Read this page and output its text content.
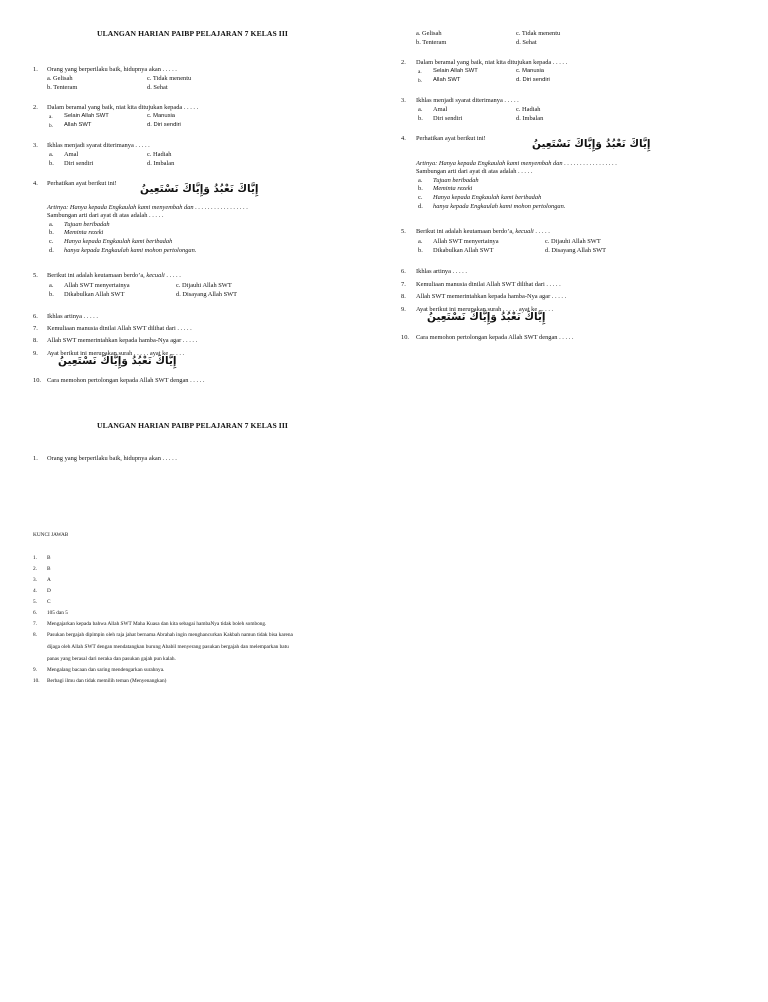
ULANGAN HARIAN PAIBP PELAJARAN 7 KELAS III
1.	Orang yang berperilaku baik, hidupnya akan . . . . .
a. Gelisah	c. Tidak menentu
b. Tenteram	d. Sehat
2.	Dalam beramal yang baik, niat kita ditujukan kepada . . . . .
a. Selain Allah SWT	c. Manusia
b. Allah SWT	d. Diri sendiri
3.	Ikhlas menjadi syarat diterimanya . . . . .
a. Amal	c. Hadiah
b. Diri sendiri	d. Imbalan
4.	Perhatikan ayat berikut ini! إِيَّاكَ نَعْبُدُ وَإِيَّاكَ نَسْتَعِينُ
Artinya: Hanya kepada Engkaulah kami menyembah dan . . . . . . . . . . . . . . . . .
Sambungan arti dari ayat di atas adalah . . . . .
a. Tujuan beribadah
b. Meminta rezeki
c. Hanya kepada Engkaulah kami beribadah
d. hanya kepada Engkaulah kami mohon pertolongan.
5.	Berikut ini adalah keutamaan berdo’a, kecuali . . . . .
a. Allah SWT menyertainya	c. Dijauhi Allah SWT
b. Dikabulkan Allah SWT	d. Disayang Allah SWT
6.	Ikhlas artinya . . . . .
7.	Kemuliaan manusia dinilai Allah SWT dilihat dari . . . . .
8.	Allah SWT memerintahkan kepada hamba-Nya agar . . . . .
9.	Ayat berikut ini merupakan surah . . . . . ayat ke . . . . .
إِيَّاكَ نَعْبُدُ وَإِيَّاكَ نَسْتَعِينُ
10. Cara memohon pertolongan kepada Allah SWT dengan . . . . .
a. Gelisah	c. Tidak menentu
b. Tenteram	d. Sehat
2.	Dalam beramal yang baik, niat kita ditujukan kepada . . . . .
a. Selain Allah SWT	c. Manusia
b. Allah SWT	d. Diri sendiri
3.	Ikhlas menjadi syarat diterimanya . . . . .
a. Amal	c. Hadiah
b. Diri sendiri	d. Imbalan
4.	Perhatikan ayat berikut ini!	إِيَّاكَ نَعْبُدُ وَإِيَّاكَ نَسْتَعِينُ
Artinya: Hanya kepada Engkaulah kami menyembah dan . . . . . . . . . . . . . . . . .
Sambungan arti dari ayat di atas adalah . . . . .
a. Tujuan beribadah
b. Meminta rezeki
c. Hanya kepada Engkaulah kami beribadah
d. hanya kepada Engkaulah kami mohon pertolongan.
5.	Berikut ini adalah keutamaan berdo’a, kecuali . . . . .
a. Allah SWT menyertainya	c. Dijauhi Allah SWT
b. Dikabulkan Allah SWT	d. Disayang Allah SWT
6.	Ikhlas artinya . . . . .
7.	Kemuliaan manusia dinilai Allah SWT dilihat dari . . . . .
8.	Allah SWT memerintahkan kepada hamba-Nya agar . . . . .
9.	Ayat berikut ini merupakan surah . . . . . ayat ke . . . . .
إِيَّاكَ نَعْبُدُ وَإِيَّاكَ نَسْتَعِينُ
10.	Cara memohon pertolongan kepada Allah SWT dengan . . . . .
ULANGAN HARIAN PAIBP PELAJARAN 7 KELAS III
1.	Orang yang berperilaku baik, hidupnya akan . . . . .
KUNCI JAWAB
1.	B
2.	B
3.	A
4.	D
5.	C
6.	105 dan 5
7.	Mengajarkan kepada bahwa Allah SWT Maha Kuasa dan kita sebagai hambaNya tidak boleh sombong.
8.	Pasukan bergajah dipimpin oleh raja jahat bernama Abrahah ingin menghancurkan Kakbah namun tidak bisa karena
dijaga oleh Allah SWT dengan mendatangkan burung Ababil menyerang pasukan bergajah dan melemparkan batu
panas yang berasal dari neraka dan pasukan gajah pun kalah.
9.	Mengalang bacaan dan saring mendengarkan surahnya.
10.	Berbagi ilmu dan tidak memilih teman (Menyenangkan)
